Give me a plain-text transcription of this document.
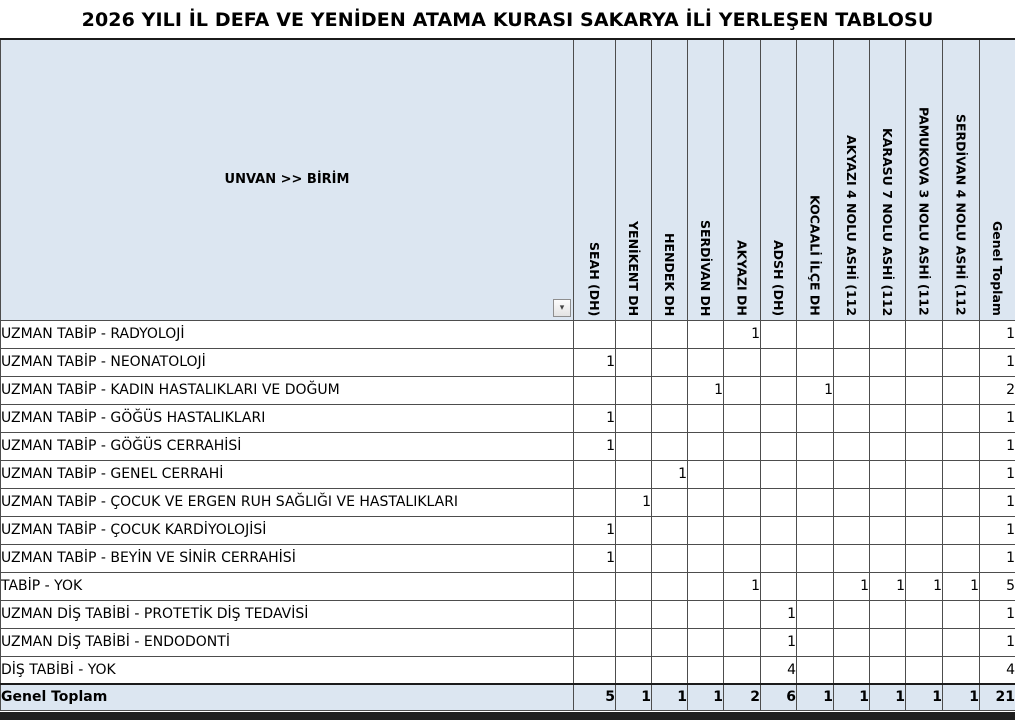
2026 YILI İL DEFA VE YENİDEN ATAMA KURASI SAKARYA İLİ YERLEŞEN TABLOSU
UNVAN >> BİRİM
▾	SEAH (DH)	YENİKENT DH	HENDEK DH	SERDİVAN DH	AKYAZI DH	ADSH (DH)	KOCAALİ İLÇE DH	AKYAZI 4 NOLU ASHİ (112	KARASU 7 NOLU ASHİ (112	PAMUKOVA 3 NOLU ASHİ (112	SERDİVAN 4 NOLU ASHİ (112	Genel Toplam

UZMAN TABİP - RADYOLOJİ					1							1
UZMAN TABİP - NEONATOLOJİ	1											1
UZMAN TABİP - KADIN HASTALIKLARI VE DOĞUM				1			1					2
UZMAN TABİP - GÖĞÜS HASTALIKLARI	1											1
UZMAN TABİP - GÖĞÜS CERRAHİSİ	1											1
UZMAN TABİP - GENEL CERRAHİ			1									1
UZMAN TABİP - ÇOCUK VE ERGEN RUH SAĞLIĞI VE HASTALIKLARI		1										1
UZMAN TABİP - ÇOCUK KARDİYOLOJİSİ	1											1
UZMAN TABİP - BEYİN VE SİNİR CERRAHİSİ	1											1
TABİP - YOK					1			1	1	1	1	5
UZMAN DİŞ TABİBİ - PROTETİK DİŞ TEDAVİSİ						1						1
UZMAN DİŞ TABİBİ - ENDODONTİ						1						1
DİŞ TABİBİ - YOK						4						4
Genel Toplam	5	1	1	1	2	6	1	1	1	1	1	21
